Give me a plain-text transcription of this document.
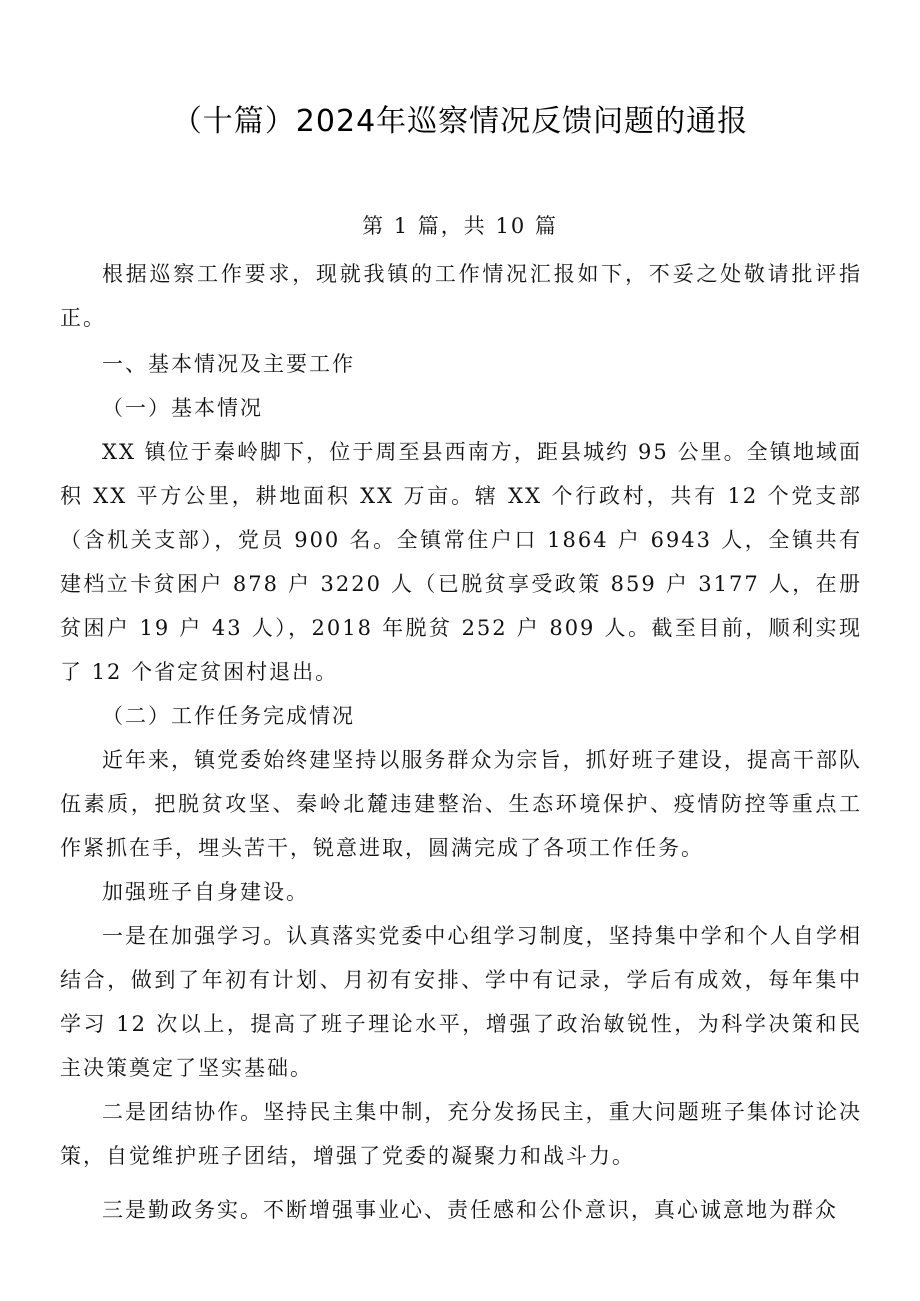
（十篇）2024年巡察情况反馈问题的通报
第 1 篇，共 10 篇

根据巡察工作要求，现就我镇的工作情况汇报如下，不妥之处敬请批评指正。

一、基本情况及主要工作

（一）基本情况

XX 镇位于秦岭脚下，位于周至县西南方，距县城约 95 公里。全镇地域面积 XX 平方公里，耕地面积 XX 万亩。辖 XX 个行政村，共有 12 个党支部（含机关支部），党员 900 名。全镇常住户口 1864 户 6943 人，全镇共有建档立卡贫困户 878 户 3220 人（已脱贫享受政策 859 户 3177 人，在册贫困户 19 户 43 人），2018 年脱贫 252 户 809 人。截至目前，顺利实现了 12 个省定贫困村退出。

（二）工作任务完成情况

近年来，镇党委始终建坚持以服务群众为宗旨，抓好班子建设，提高干部队伍素质，把脱贫攻坚、秦岭北麓违建整治、生态环境保护、疫情防控等重点工作紧抓在手，埋头苦干，锐意进取，圆满完成了各项工作任务。

加强班子自身建设。

一是在加强学习。认真落实党委中心组学习制度，坚持集中学和个人自学相结合，做到了年初有计划、月初有安排、学中有记录，学后有成效，每年集中学习 12 次以上，提高了班子理论水平，增强了政治敏锐性，为科学决策和民主决策奠定了坚实基础。

二是团结协作。坚持民主集中制，充分发扬民主，重大问题班子集体讨论决策，自觉维护班子团结，增强了党委的凝聚力和战斗力。

三是勤政务实。不断增强事业心、责任感和公仆意识，真心诚意地为群众
